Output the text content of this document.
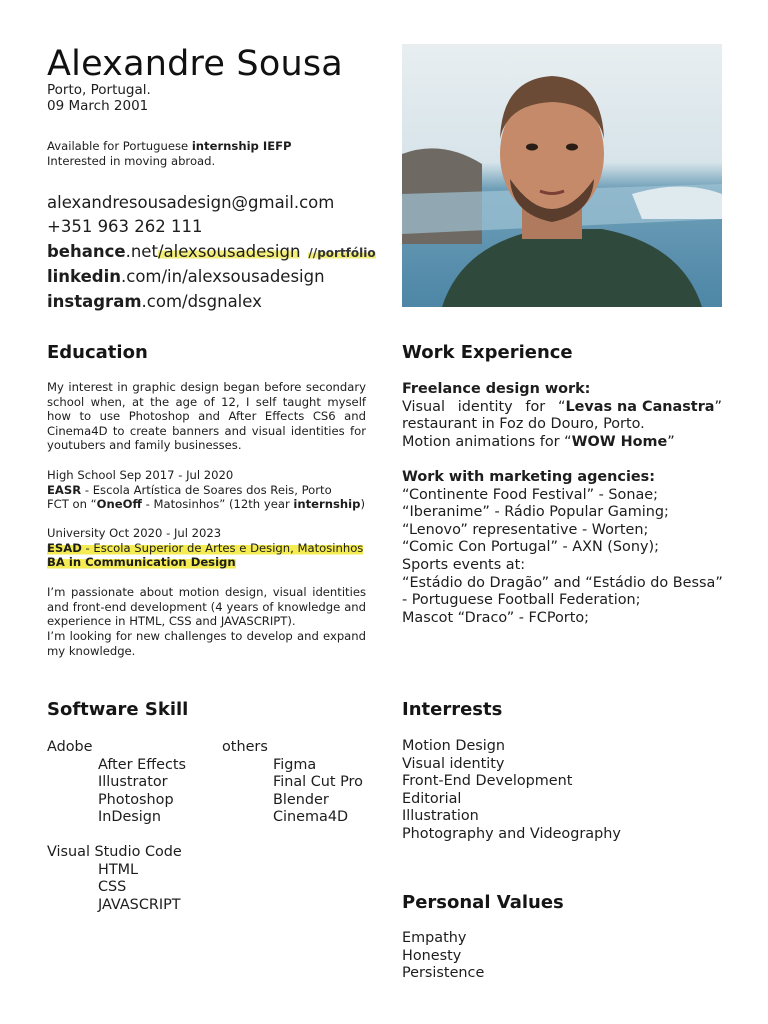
Alexandre Sousa
Porto, Portugal.
09 March 2001
Available for Portuguese internship IEFP
Interested in moving abroad.
alexandresousadesign@gmail.com
+351 963 262 111
behance.net/alexsousadesign //portfólio
linkedin.com/in/alexsousadesign
instagram.com/dsgnalex
Education
My interest in graphic design began before secondary school when, at the age of 12, I self taught myself how to use Photoshop and After Effects CS6 and Cinema4D to create banners and visual identities for youtubers and family businesses.
High School Sep 2017 - Jul 2020
EASR - Escola Artística de Soares dos Reis, Porto
FCT on “OneOff - Matosinhos” (12th year internship)
University Oct 2020 - Jul 2023
ESAD - Escola Superior de Artes e Design, Matosinhos
BA in Communication Design
I’m passionate about motion design, visual identities and front-end development (4 years of knowledge and experience in HTML, CSS and JAVASCRIPT).
I’m looking for new challenges to develop and expand my knowledge.
Work Experience
Freelance design work:
Visual identity for “Levas na Canastra”
restaurant in Foz do Douro, Porto.
Motion animations for “WOW Home”
Work with marketing agencies:
“Continente Food Festival” - Sonae;
“Iberanime” - Rádio Popular Gaming;
“Lenovo” representative - Worten;
“Comic Con Portugal” - AXN (Sony);
Sports events at:
“Estádio do Dragão” and “Estádio do Bessa”
- Portuguese Football Federation;
Mascot “Draco” - FCPorto;
Software Skill
Adobe
After Effects
Illustrator
Photoshop
InDesign
others
Figma
Final Cut Pro
Blender
Cinema4D
Visual Studio Code
HTML
CSS
JAVASCRIPT
Interrests
Motion Design
Visual identity
Front-End Development
Editorial
Illustration
Photography and Videography
Personal Values
Empathy
Honesty
Persistence
